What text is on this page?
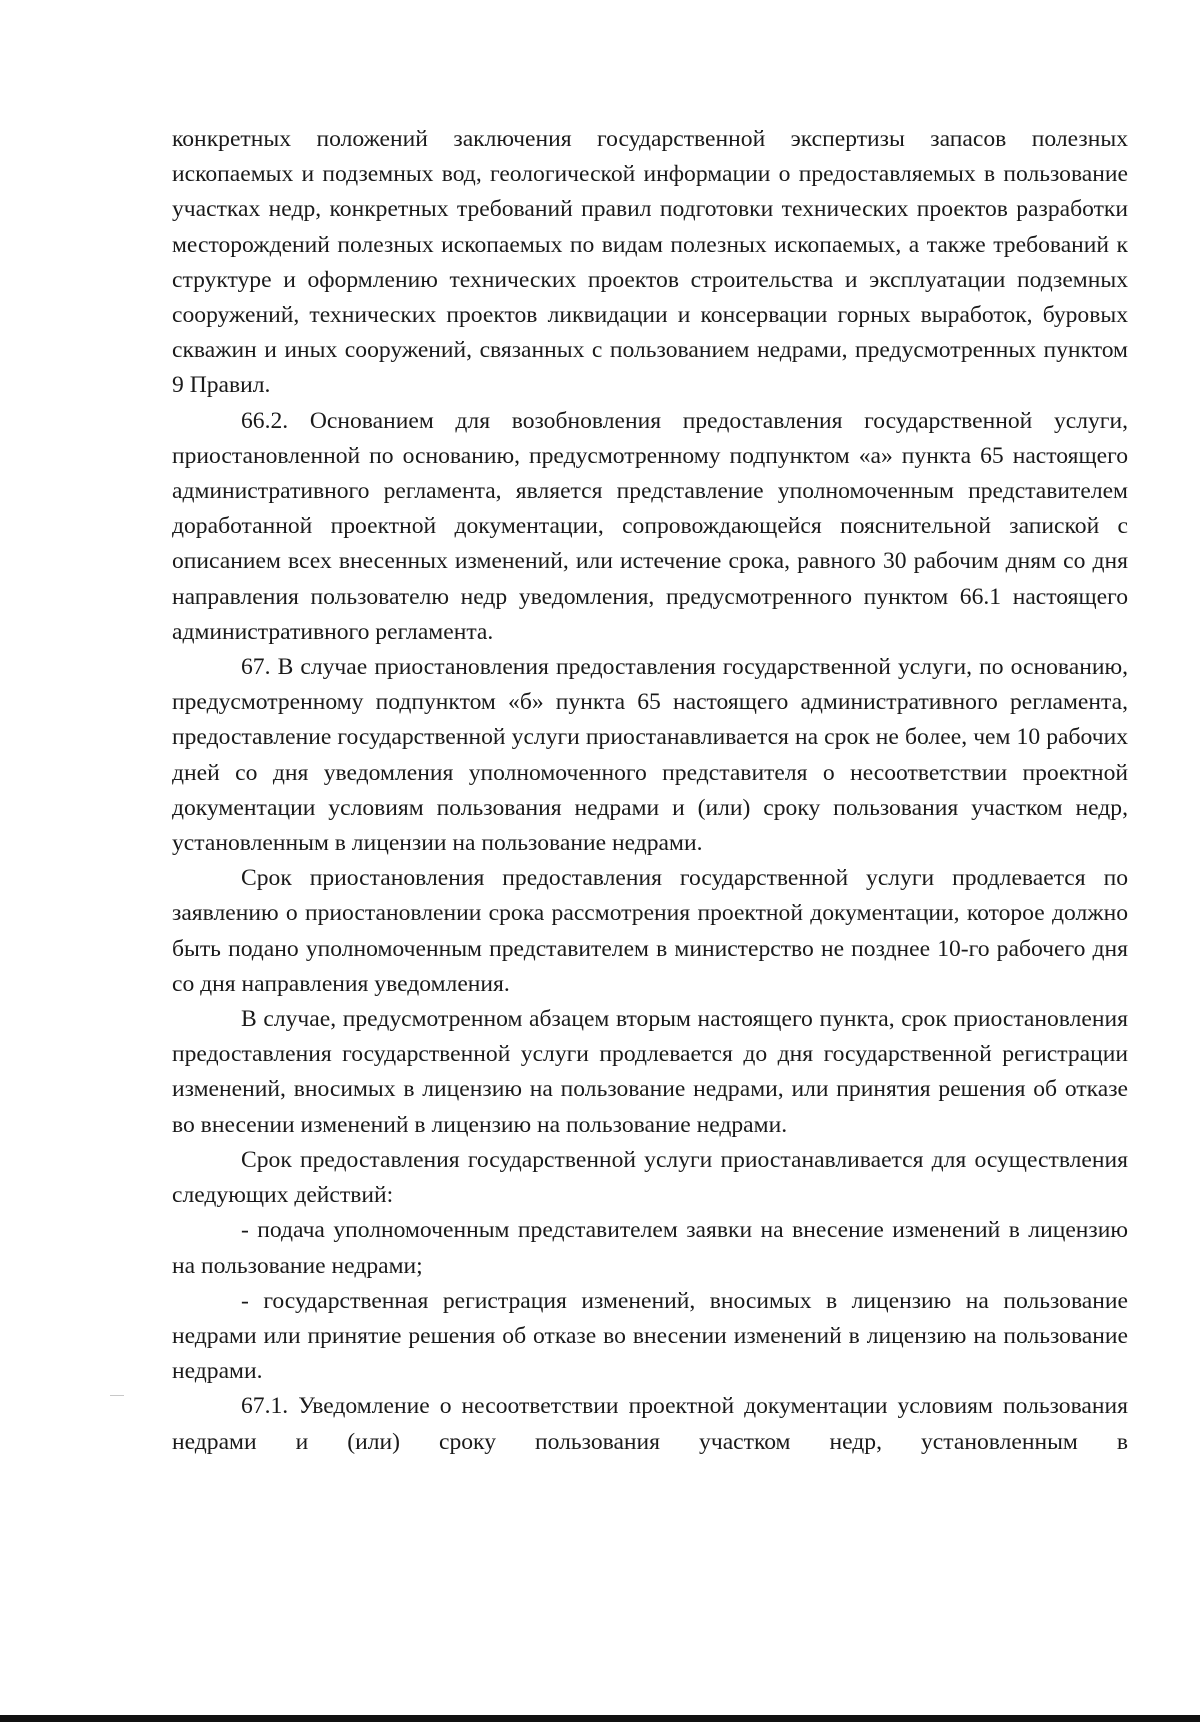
конкретных положений заключения государственной экспертизы запасов полезных ископаемых и подземных вод, геологической информации о предоставляемых в пользование участках недр, конкретных требований правил подготовки технических проектов разработки месторождений полезных ископаемых по видам полезных ископаемых, а также требований к структуре и оформлению технических проектов строительства и эксплуатации подземных сооружений, технических проектов ликвидации и консервации горных выработок, буровых скважин и иных сооружений, связанных с пользованием недрами, предусмотренных пунктом 9 Правил.

66.2. Основанием для возобновления предоставления государственной услуги, приостановленной по основанию, предусмотренному подпунктом «а» пункта 65 настоящего административного регламента, является представление уполномоченным представителем доработанной проектной документации, сопровождающейся пояснительной запиской с описанием всех внесенных изменений, или истечение срока, равного 30 рабочим дням со дня направления пользователю недр уведомления, предусмотренного пунктом 66.1 настоящего административного регламента.

67. В случае приостановления предоставления государственной услуги, по основанию, предусмотренному подпунктом «б» пункта 65 настоящего административного регламента, предоставление государственной услуги приостанавливается на срок не более, чем 10 рабочих дней со дня уведомления уполномоченного представителя о несоответствии проектной документации условиям пользования недрами и (или) сроку пользования участком недр, установленным в лицензии на пользование недрами.

Срок приостановления предоставления государственной услуги продлевается по заявлению о приостановлении срока рассмотрения проектной документации, которое должно быть подано уполномоченным представителем в министерство не позднее 10-го рабочего дня со дня направления уведомления.

В случае, предусмотренном абзацем вторым настоящего пункта, срок приостановления предоставления государственной услуги продлевается до дня государственной регистрации изменений, вносимых в лицензию на пользование недрами, или принятия решения об отказе во внесении изменений в лицензию на пользование недрами.

Срок предоставления государственной услуги приостанавливается для осуществления следующих действий:

- подача уполномоченным представителем заявки на внесение изменений в лицензию на пользование недрами;

- государственная регистрация изменений, вносимых в лицензию на пользование недрами или принятие решения об отказе во внесении изменений в лицензию на пользование недрами.

67.1. Уведомление о несоответствии проектной документации условиям пользования недрами и (или) сроку пользования участком недр, установленным в
